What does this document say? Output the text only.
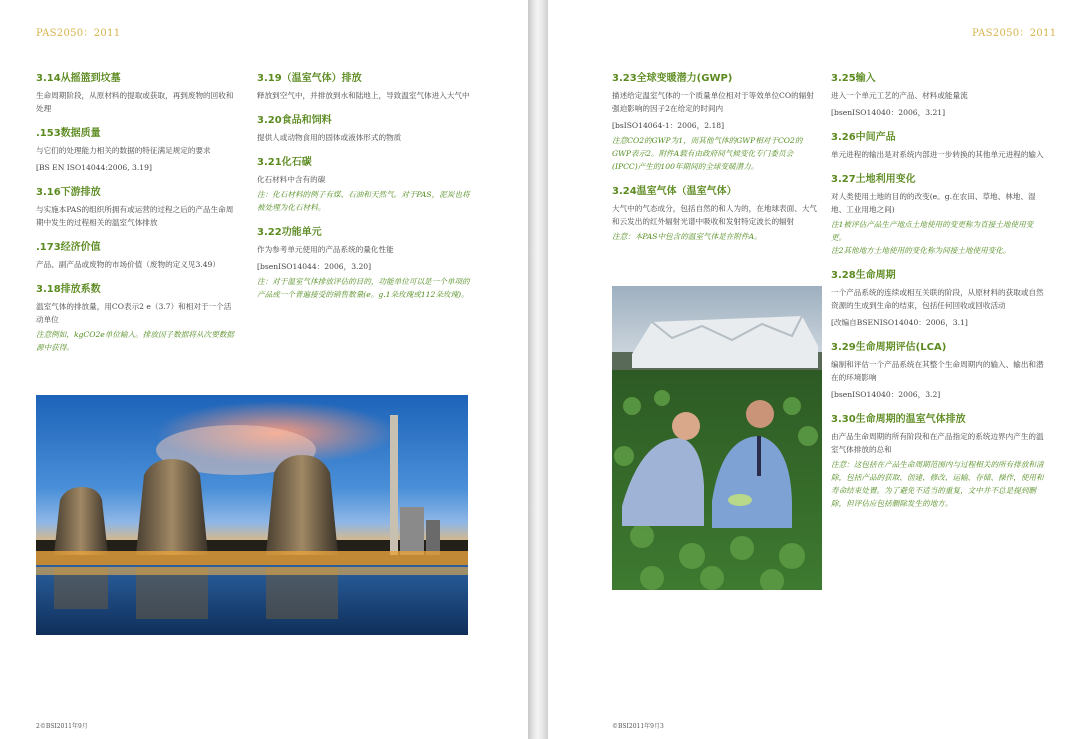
PAS2050：2011
3.14从摇篮到坟墓
生命周期阶段，从原材料的提取或获取，再到废物的回收和处理
.153数据质量
与它们的处理能力相关的数据的特征满足规定的要求
[BS EN ISO14044:2006, 3.19]
3.16下游排放
与实施本PAS的组织所拥有或运营的过程之后的产品生命周期中发生的过程相关的温室气体排放
.173经济价值
产品、副产品或废物的市场价值（废物的定义见3.49）
3.18排放系数
温室气体的排放量，用CO表示2 e（3.7）和相对于一个活动单位
注意例如，kgCO2e单位输入。排放因子数据将从次要数据源中获得。
3.19（温室气体）排放
释放到空气中，并排放到水和陆地上，导致温室气体进入大气中
3.20食品和饲料
提供人或动物食用的固体或液体形式的物质
3.21化石碳
化石材料中含有的碳
注：化石材料的例子有煤、石油和天然气。对于PAS，泥炭也将被处理为化石材料。
3.22功能单元
作为参考单元使用的产品系统的量化性能
[bsenISO14044：2006，3.20]
注：对于温室气体排放评估的目的，功能单位可以是一个单项的产品或一个普遍接受的销售数量(e。g.1朵玫瑰或112朵玫瑰)。
2©BSI2011年9月
PAS2050：2011
3.23全球变暖潜力(GWP)
描述给定温室气体的一个质量单位相对于等效单位CO的辐射强迫影响的因子2在给定的时间内
[bsISO14064-1：2006，2.18]
注意CO2的GWP为1，而其他气体的GWP相对于CO2的GWP表示2。附件A载有由政府间气候变化专门委员会(IPCC)产生的100年期间的全球变暖潜力。
3.24温室气体（温室气体）
大气中的气态成分，包括自然的和人为的，在地球表面、大气和云发出的红外辐射光谱中吸收和发射特定波长的辐射
注意：本PAS中包含的温室气体是在附件A。
3.25输入
进入一个单元工艺的产品、材料或能量流
[bsenISO14040：2006，3.21]
3.26中间产品
单元进程的输出是对系统内部进一步转换的其他单元进程的输入
3.27土地利用变化
对人类使用土地的目的的改变(e。g.在农田、草地、林地、湿地、工业用地之间)
注1被评估产品生产地点土地使用的变更称为直接土地使用变更。
注2其他地方土地使用的变化称为间接土地使用变化。
3.28生命周期
一个产品系统的连续或相互关联的阶段，从原材料的获取或自然资源的生成到生命的结束，包括任何回收或回收活动
[改编自BSENISO14040：2006，3.1]
3.29生命周期评估(LCA)
编制和评估一个产品系统在其整个生命周期内的输入、输出和潜在的环境影响
[bsenISO14040：2006，3.2]
3.30生命周期的温室气体排放
由产品生命周期的所有阶段和在产品指定的系统边界内产生的温室气体排放的总和
注意：这包括在产品生命周期范围内与过程相关的所有排放和清除，包括产品的获取、创建、修改、运输、存储、操作，使用和寿命结束处置。为了避免不适当的重复，文中并不总是提到删除，但评估应包括删除发生的地方。
©BSI2011年9月3
